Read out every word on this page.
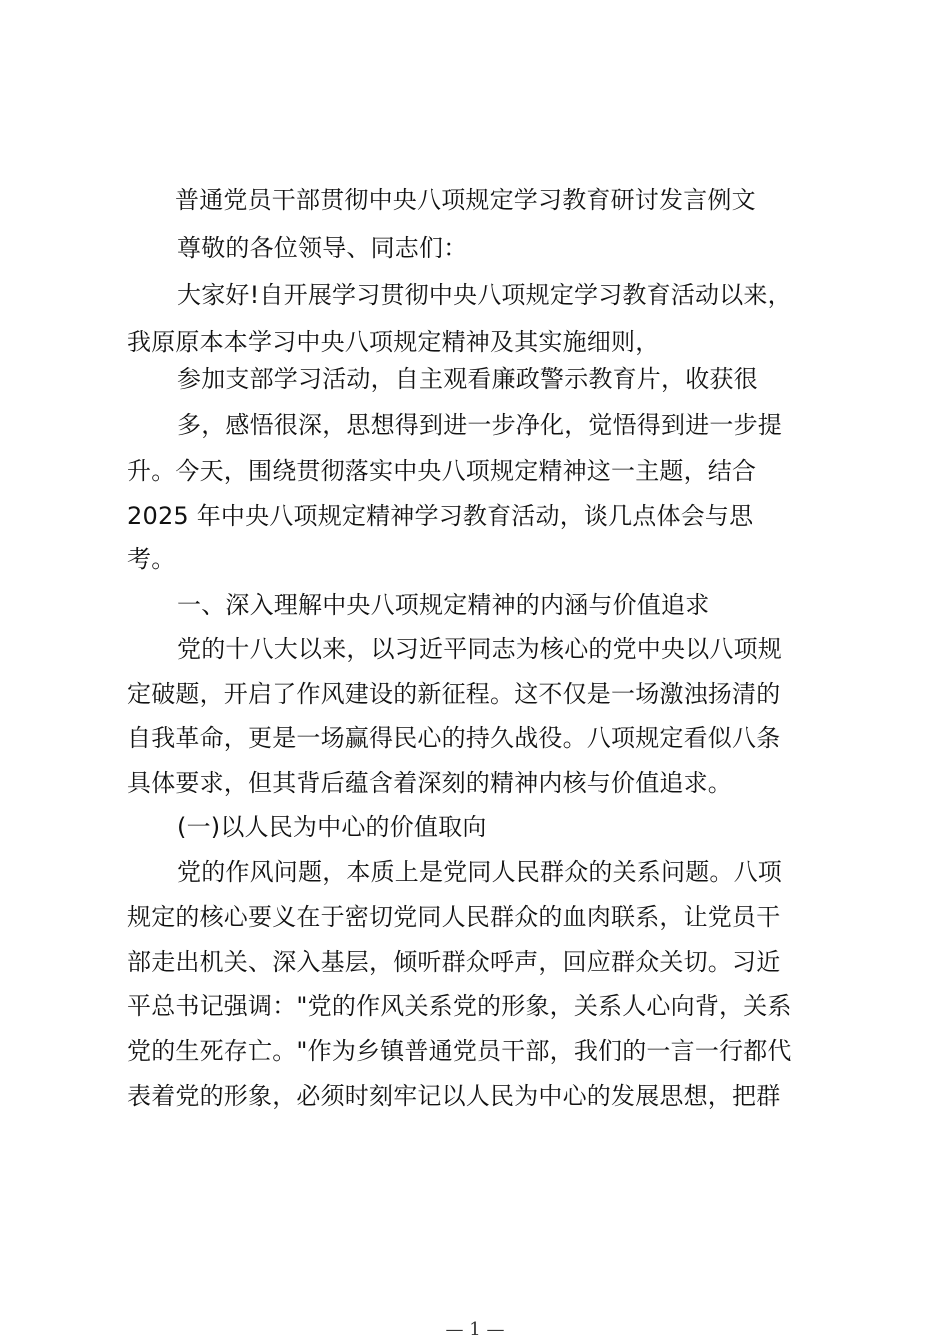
普通党员干部贯彻中央八项规定学习教育研讨发言例文
尊敬的各位领导、同志们：
大家好!自开展学习贯彻中央八项规定学习教育活动以来，
我原原本本学习中央八项规定精神及其实施细则，
参加支部学习活动，自主观看廉政警示教育片，收获很
多，感悟很深，思想得到进一步净化，觉悟得到进一步提
升。今天，围绕贯彻落实中央八项规定精神这一主题，结合
2025 年中央八项规定精神学习教育活动，谈几点体会与思
考。
一、深入理解中央八项规定精神的内涵与价值追求
党的十八大以来，以习近平同志为核心的党中央以八项规
定破题，开启了作风建设的新征程。这不仅是一场激浊扬清的
自我革命，更是一场赢得民心的持久战役。八项规定看似八条
具体要求，但其背后蕴含着深刻的精神内核与价值追求。
(一)以人民为中心的价值取向
党的作风问题，本质上是党同人民群众的关系问题。八项
规定的核心要义在于密切党同人民群众的血肉联系，让党员干
部走出机关、深入基层，倾听群众呼声，回应群众关切。习近
平总书记强调："党的作风关系党的形象，关系人心向背，关系
党的生死存亡。"作为乡镇普通党员干部，我们的一言一行都代
表着党的形象，必须时刻牢记以人民为中心的发展思想，把群
— 1 —
